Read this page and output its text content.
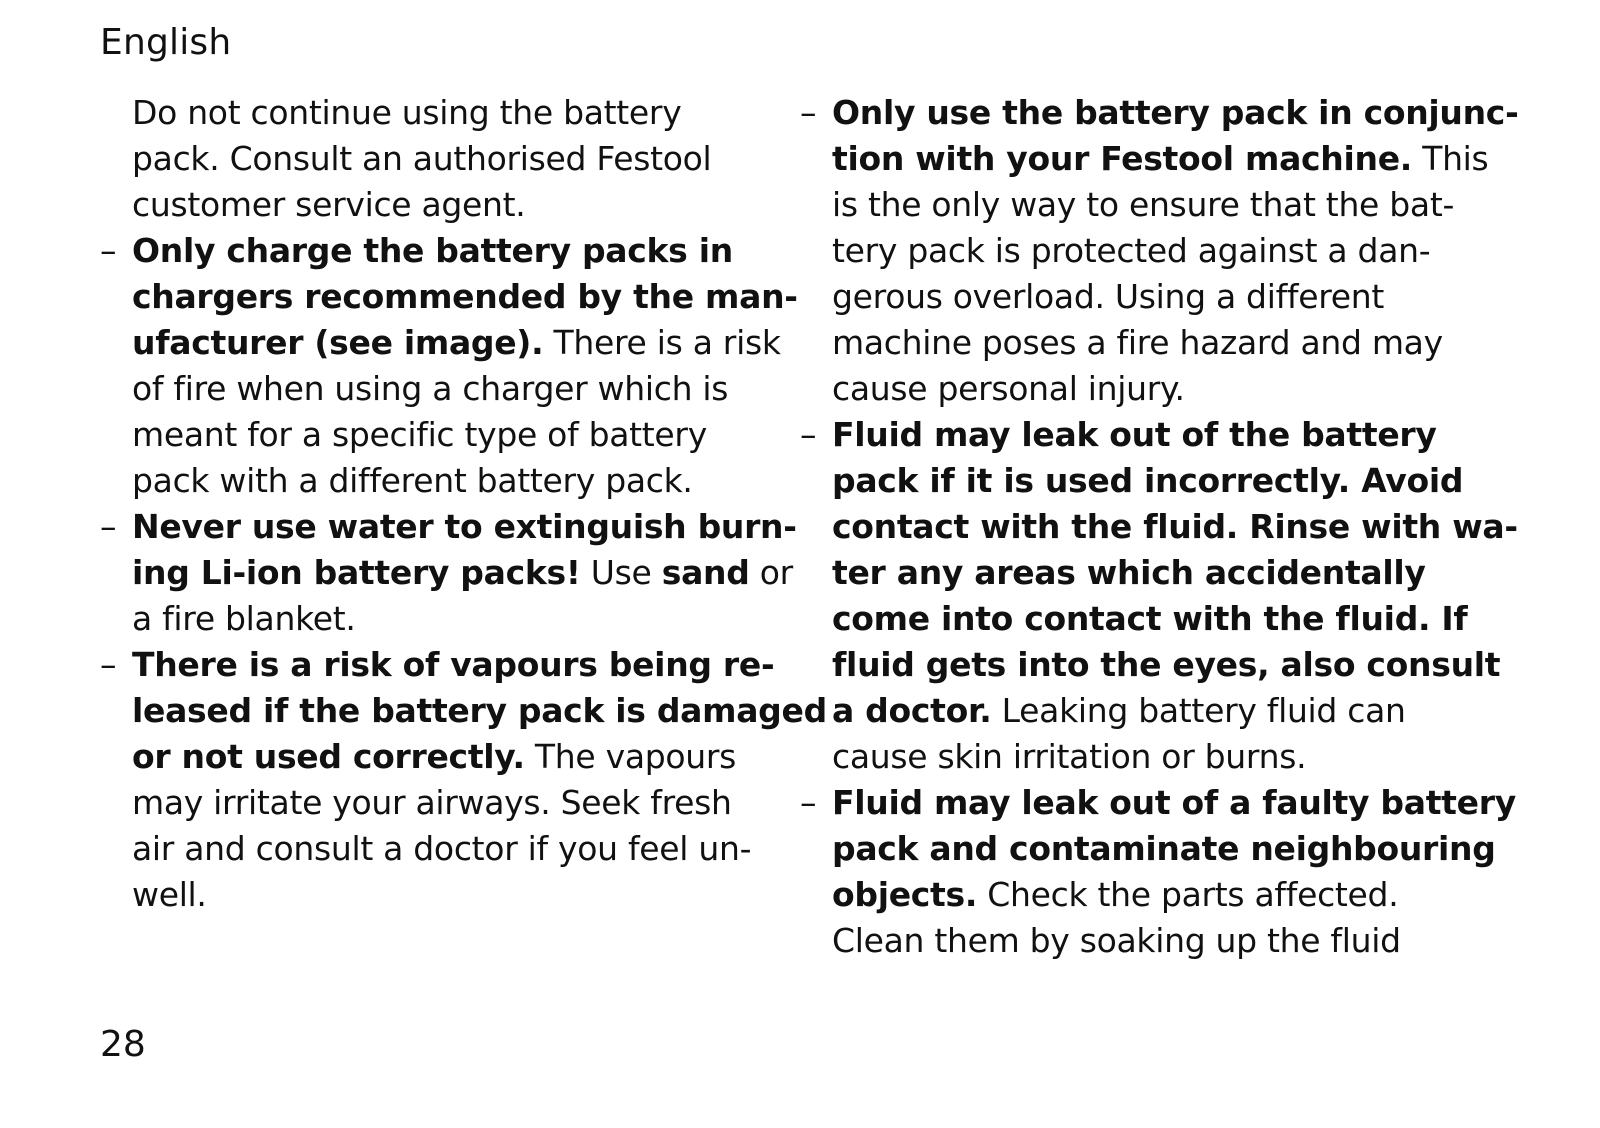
English
Do not continue using the battery
pack. Consult an authorised Festool
customer service agent.
– Only charge the battery packs in
chargers recommended by the man-
ufacturer (see image). There is a risk
of fire when using a charger which is
meant for a specific type of battery
pack with a different battery pack.
– Never use water to extinguish burn-
ing Li-ion battery packs! Use sand or
a fire blanket.
– There is a risk of vapours being re-
leased if the battery pack is damaged
or not used correctly. The vapours
may irritate your airways. Seek fresh
air and consult a doctor if you feel un-
well.
– Only use the battery pack in conjunc-
tion with your Festool machine. This
is the only way to ensure that the bat-
tery pack is protected against a dan-
gerous overload. Using a different
machine poses a fire hazard and may
cause personal injury.
– Fluid may leak out of the battery
pack if it is used incorrectly. Avoid
contact with the fluid. Rinse with wa-
ter any areas which accidentally
come into contact with the fluid. If
fluid gets into the eyes, also consult
a doctor. Leaking battery fluid can
cause skin irritation or burns.
– Fluid may leak out of a faulty battery
pack and contaminate neighbouring
objects. Check the parts affected.
Clean them by soaking up the fluid
28
